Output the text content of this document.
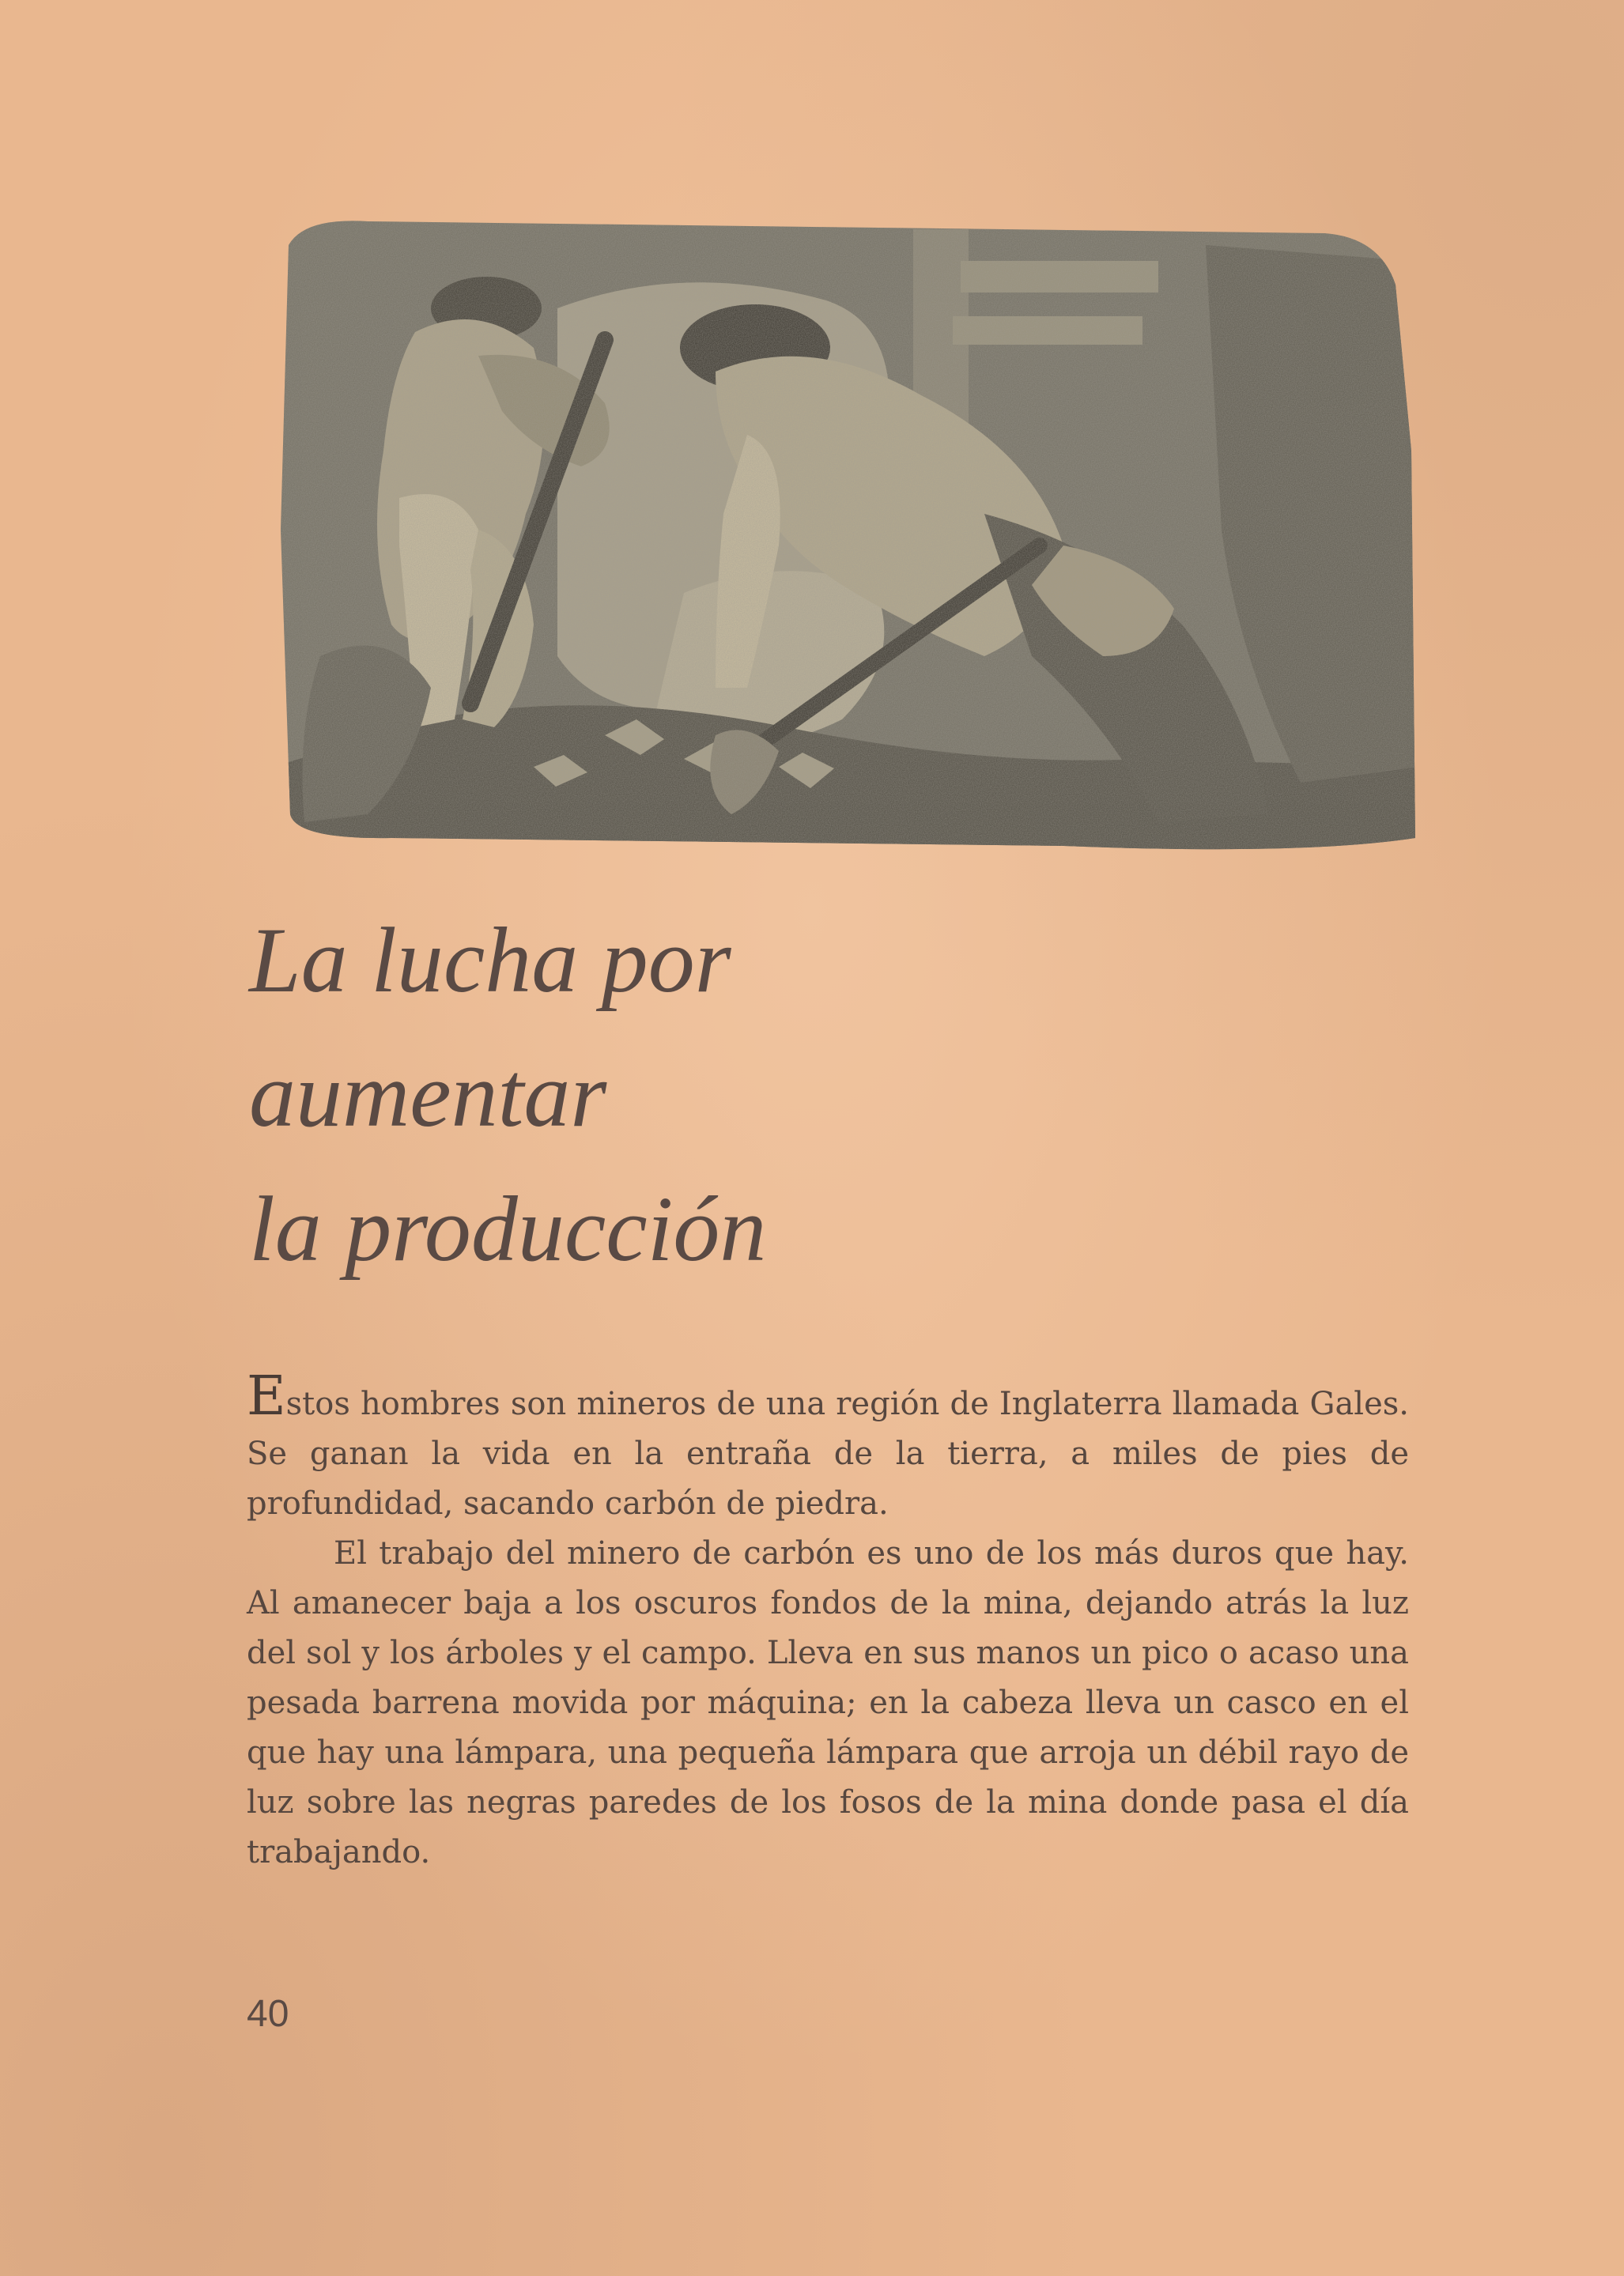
La lucha por
aumentar
la producción

Estos hombres son mineros de una región de Inglaterra llamada Gales. Se ganan la vida en la entraña de la tierra, a miles de pies de profundidad, sacando carbón de piedra.

El trabajo del minero de carbón es uno de los más duros que hay. Al amanecer baja a los oscuros fondos de la mina, dejando atrás la luz del sol y los árboles y el campo. Lleva en sus manos un pico o acaso una pesada barrena movida por máquina; en la cabeza lleva un casco en el que hay una lámpara, una pequeña lámpara que arroja un débil rayo de luz sobre las negras paredes de los fosos de la mina donde pasa el día trabajando.

40
